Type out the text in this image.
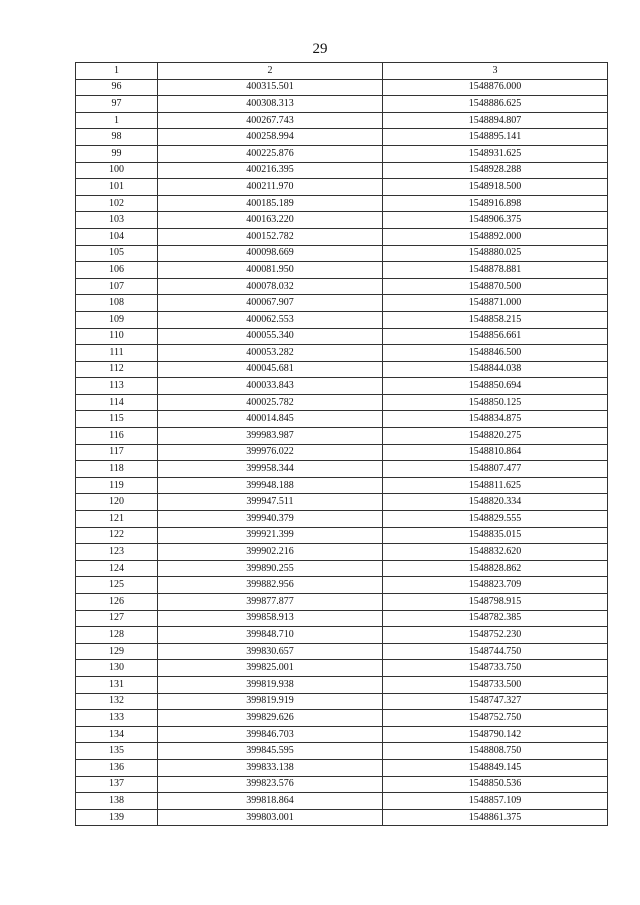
29
1	2	3
96	400315.501	1548876.000
97	400308.313	1548886.625
1	400267.743	1548894.807
98	400258.994	1548895.141
99	400225.876	1548931.625
100	400216.395	1548928.288
101	400211.970	1548918.500
102	400185.189	1548916.898
103	400163.220	1548906.375
104	400152.782	1548892.000
105	400098.669	1548880.025
106	400081.950	1548878.881
107	400078.032	1548870.500
108	400067.907	1548871.000
109	400062.553	1548858.215
110	400055.340	1548856.661
111	400053.282	1548846.500
112	400045.681	1548844.038
113	400033.843	1548850.694
114	400025.782	1548850.125
115	400014.845	1548834.875
116	399983.987	1548820.275
117	399976.022	1548810.864
118	399958.344	1548807.477
119	399948.188	1548811.625
120	399947.511	1548820.334
121	399940.379	1548829.555
122	399921.399	1548835.015
123	399902.216	1548832.620
124	399890.255	1548828.862
125	399882.956	1548823.709
126	399877.877	1548798.915
127	399858.913	1548782.385
128	399848.710	1548752.230
129	399830.657	1548744.750
130	399825.001	1548733.750
131	399819.938	1548733.500
132	399819.919	1548747.327
133	399829.626	1548752.750
134	399846.703	1548790.142
135	399845.595	1548808.750
136	399833.138	1548849.145
137	399823.576	1548850.536
138	399818.864	1548857.109
139	399803.001	1548861.375
